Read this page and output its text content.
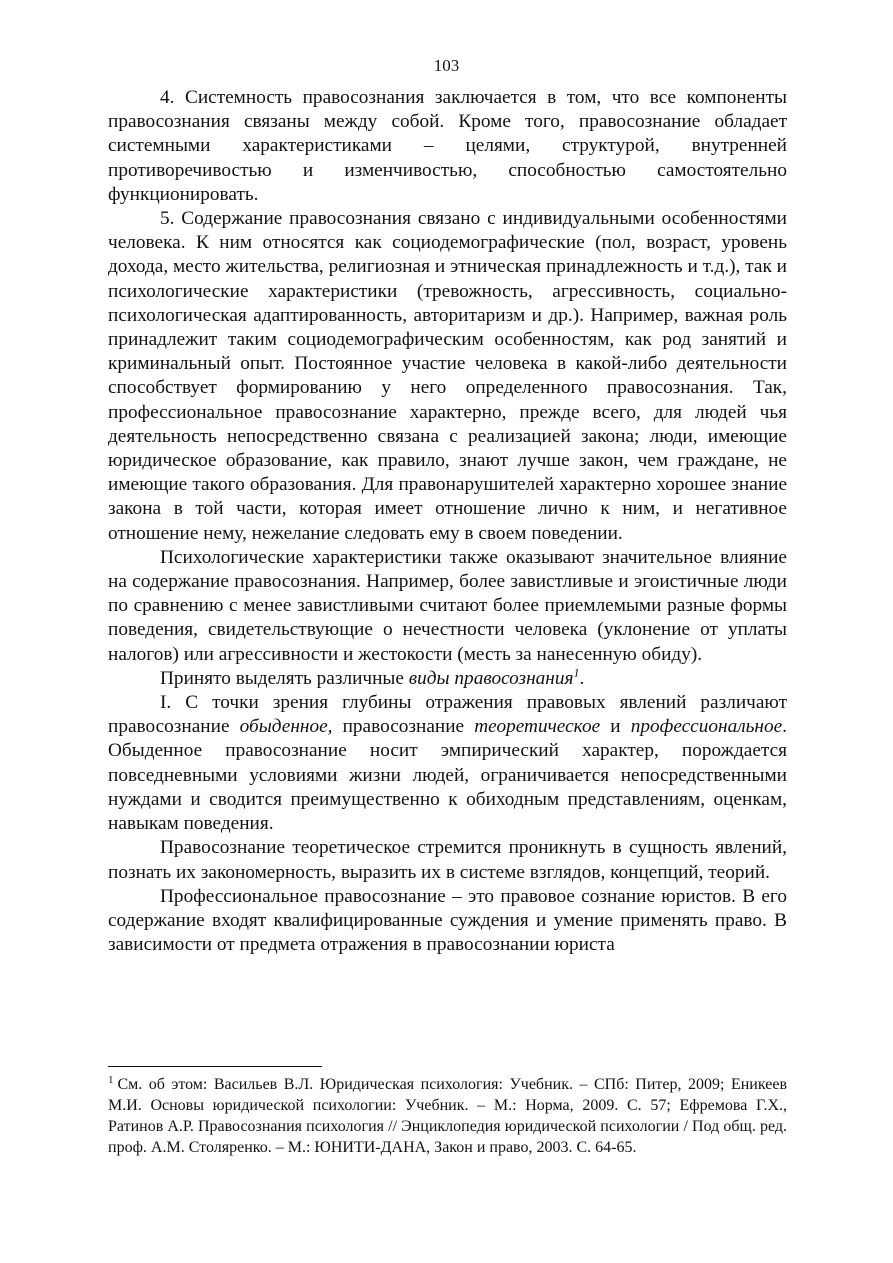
103

4. Системность правосознания заключается в том, что все компоненты правосознания связаны между собой. Кроме того, правосознание обладает системными характеристиками – целями, структурой, внутренней противоречивостью и изменчивостью, способностью самостоятельно функционировать.

5. Содержание правосознания связано с индивидуальными особенностями человека. К ним относятся как социодемографические (пол, возраст, уровень дохода, место жительства, религиозная и этническая принадлежность и т.д.), так и психологические характеристики (тревожность, агрессивность, социально-психологическая адаптированность, авторитаризм и др.). Например, важная роль принадлежит таким социодемографическим особенностям, как род занятий и криминальный опыт. Постоянное участие человека в какой-либо деятельности способствует формированию у него определенного правосознания. Так, профессиональное правосознание характерно, прежде всего, для людей чья деятельность непосредственно связана с реализацией закона; люди, имеющие юридическое образование, как правило, знают лучше закон, чем граждане, не имеющие такого образования. Для правонарушителей характерно хорошее знание закона в той части, которая имеет отношение лично к ним, и негативное отношение нему, нежелание следовать ему в своем поведении.

Психологические характеристики также оказывают значительное влияние на содержание правосознания. Например, более завистливые и эгоистичные люди по сравнению с менее завистливыми считают более приемлемыми разные формы поведения, свидетельствующие о нечестности человека (уклонение от уплаты налогов) или агрессивности и жестокости (месть за нанесенную обиду).

Принято выделять различные виды правосознания$^1$.

I. С точки зрения глубины отражения правовых явлений различают правосознание обыденное, правосознание теоретическое и профессиональное. Обыденное правосознание носит эмпирический характер, порождается повседневными условиями жизни людей, ограничивается непосредственными нуждами и сводится преимущественно к обиходным представлениям, оценкам, навыкам поведения.

Правосознание теоретическое стремится проникнуть в сущность явлений, познать их закономерность, выразить их в системе взглядов, концепций, теорий.

Профессиональное правосознание – это правовое сознание юристов. В его содержание входят квалифицированные суждения и умение применять право. В зависимости от предмета отражения в правосознании юриста

$^1$ См. об этом: Васильев В.Л. Юридическая психология: Учебник. – СПб: Питер, 2009; Еникеев М.И. Основы юридической психологии: Учебник. – М.: Норма, 2009. С. 57; Ефремова Г.Х., Ратинов А.Р. Правосознания психология // Энциклопедия юридической психологии / Под общ. ред. проф. А.М. Столяренко. – М.: ЮНИТИ-ДАНА, Закон и право, 2003. С. 64-65.
